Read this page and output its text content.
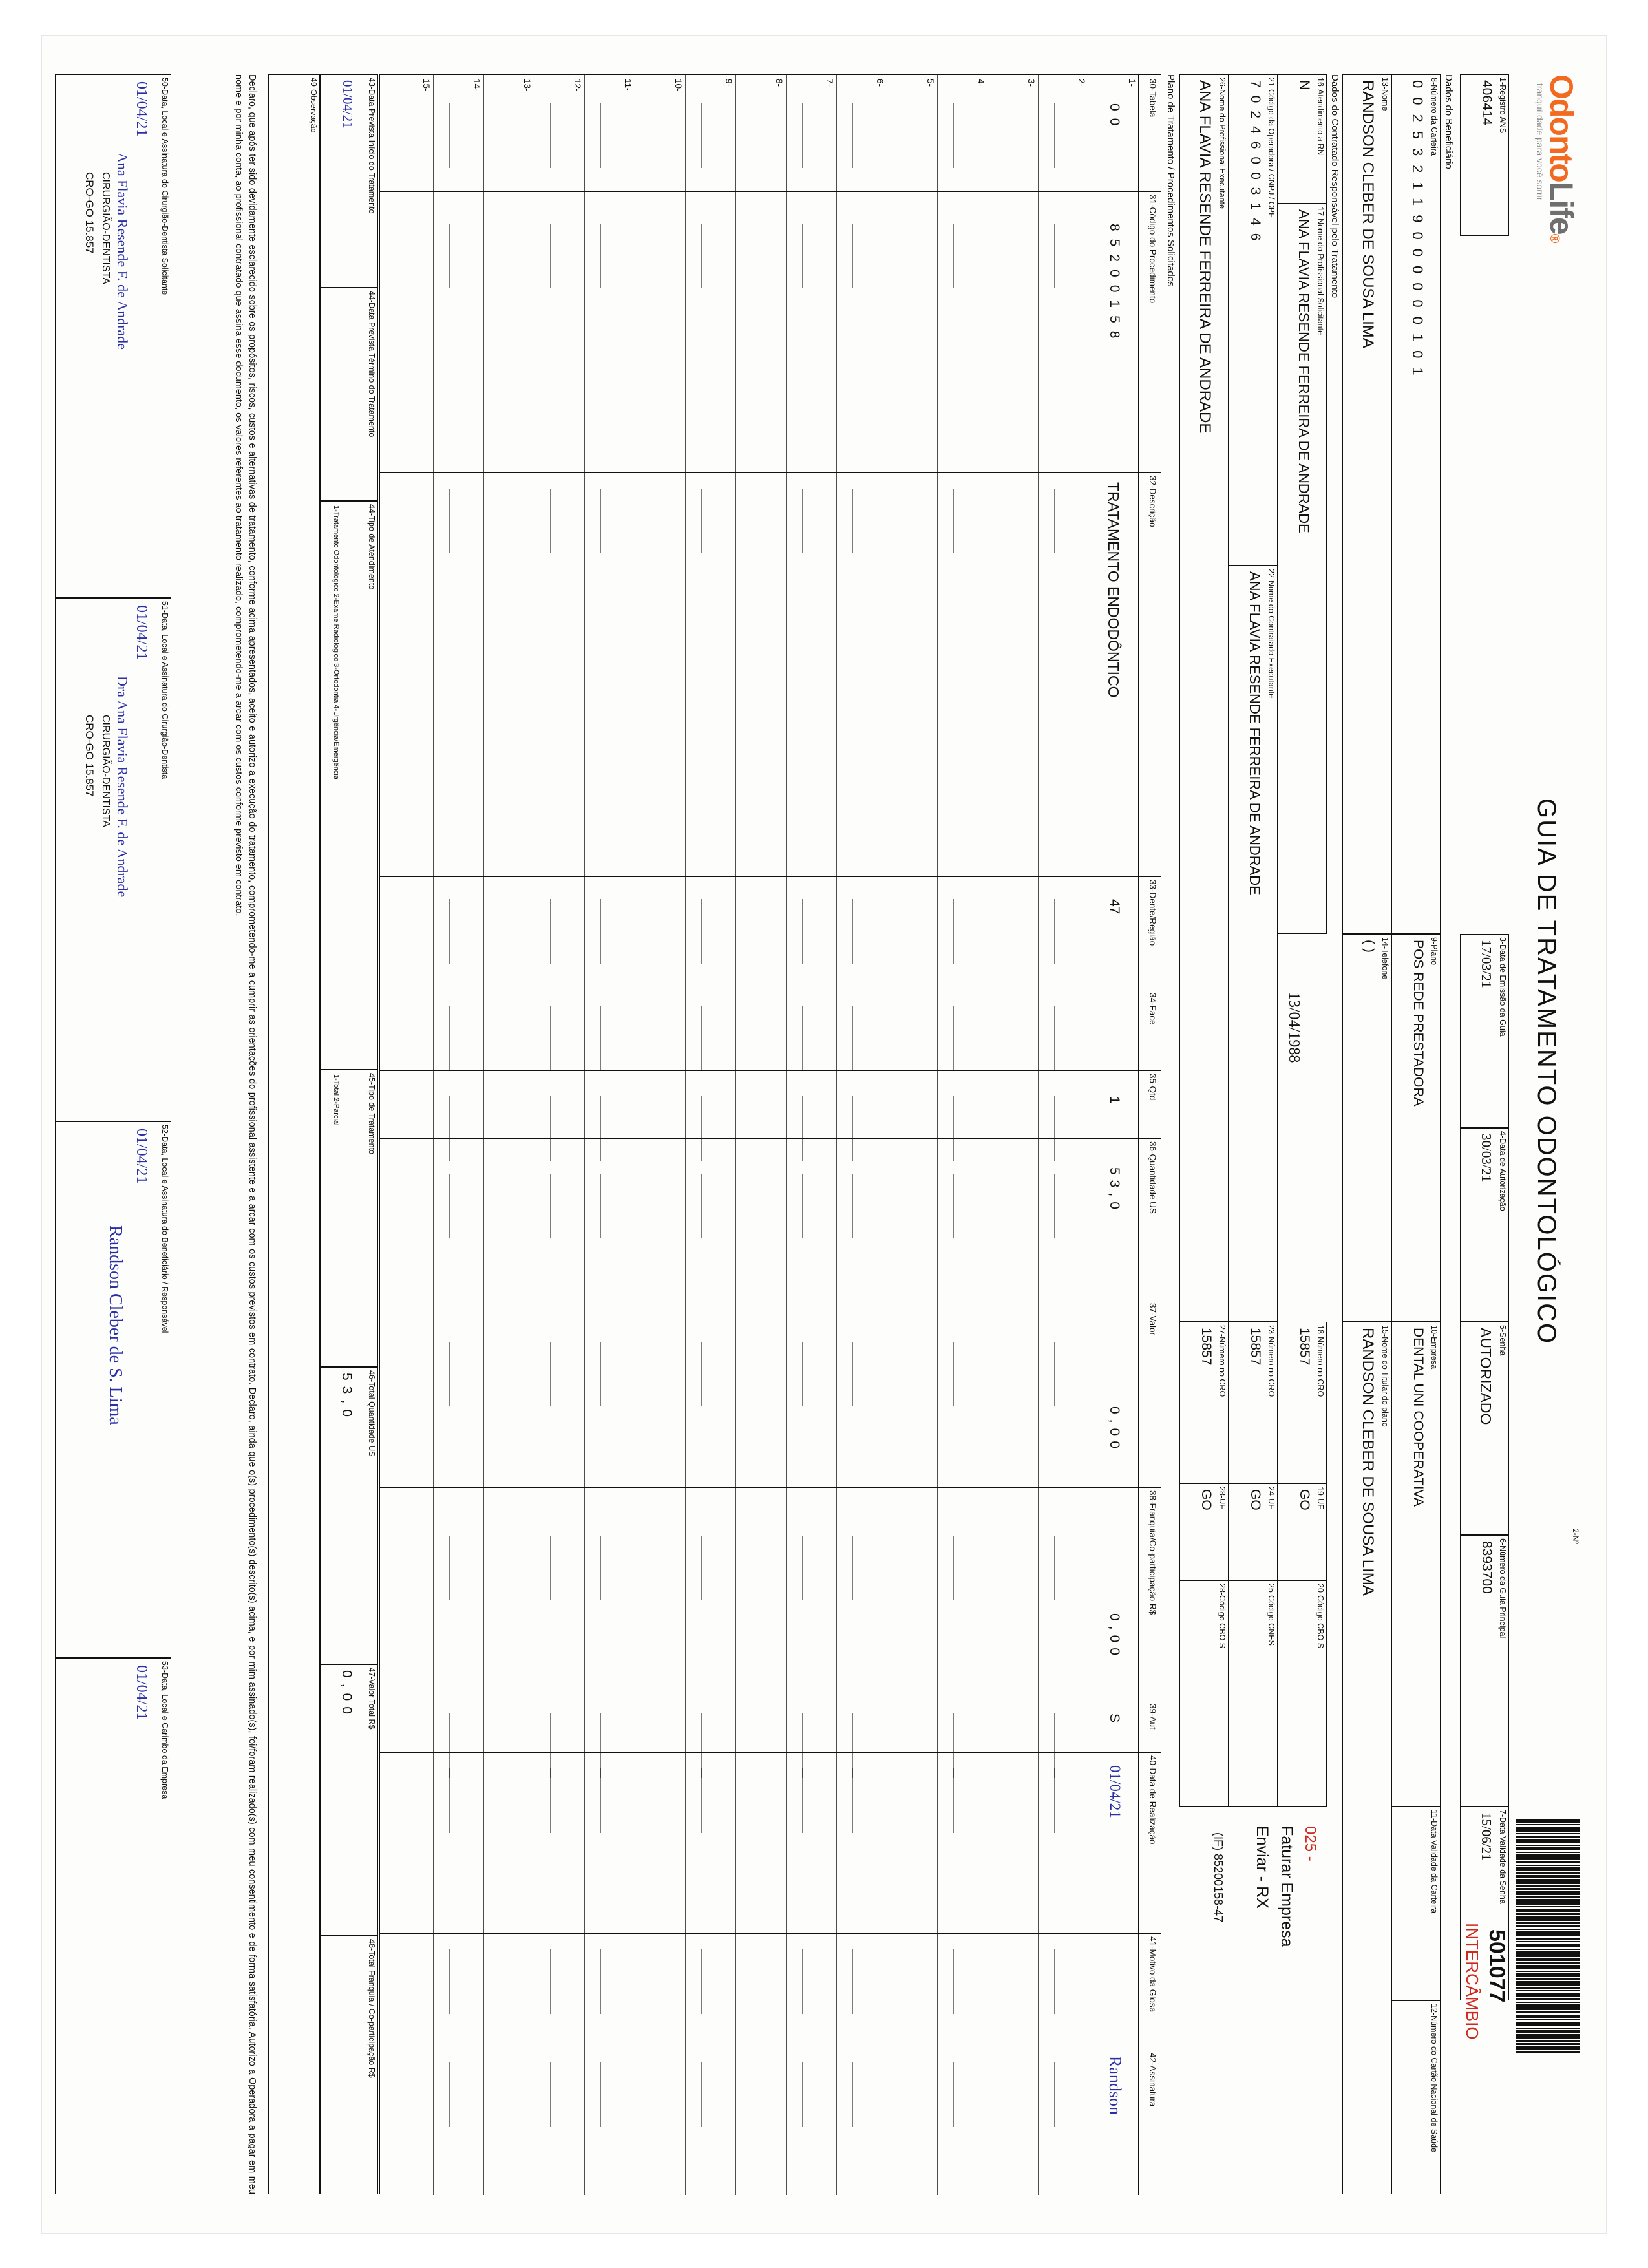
OdontoLife®
tranquilidade para você sorrir
GUIA DE TRATAMENTO ODONTOLÓGICO
2-Nº
501077
INTERCÂMBIO
1-Registro ANS
406414
3-Data de Emissão da Guia
17/03/21
4-Data de Autorização
30/03/21
5-Senha
AUTORIZADO
6-Número da Guia Principal
8393700
7-Data Validade da Senha
15/06/21
Dados do Beneficiário
8-Número da Carteira
002532119000000101
9-Plano
POS REDE PRESTADORA
10-Empresa
DENTAL UNI COOPERATIVA
11-Data Validade da Carteira
12-Número do Cartão Nacional de Saúde
13-Nome
RANDSON CLEBER DE SOUSA LIMA
14-Telefone
( )
15-Nome do Titular do plano
RANDSON CLEBER DE SOUSA LIMA
Dados do Contratado Responsável pelo Tratamento
16-Atendimento a RN
N
17-Nome do Profissional Solicitante
ANA FLAVIA RESENDE FERREIRA DE ANDRADE
18-Número no CRO
15857
19-UF
GO
20-Código CBO S
13/04/1988
21-Código da Operadora / CNPJ / CPF
70246003146
22-Nome do Contratado Executante
ANA FLAVIA RESENDE FERREIRA DE ANDRADE
23-Número no CRO
15857
24-UF
GO
25-Código CNES
26-Nome do Profissional Executante
ANA FLAVIA RESENDE FERREIRA DE ANDRADE
27-Número no CRO
15857
28-UF
GO
28-Código CBO S
025 -
Faturar Empresa
Enviar - RX
(IF) 85200158-47
Plano de Tratamento / Procedimentos Solicitados
30-Tabela
31-Código do Procedimento
32-Descrição
33-Dente/Região
34-Face
35-Qtd
36-Quantidade US
37-Valor
38-Franquia/Co-participação R$
39-Aut
40-Data de Realização
41-Motivo da Glosa
42-Assinatura
1-
00
85200158
TRATAMENTO ENDODÔNTICO
47
1
53,0
0,00
0,00
S
01/04/21
Randson
2-
3-
4-
5-
6-
7-
8-
9-
10-
11-
12-
13-
14-
15-
43-Data Prevista Início do Tratamento
01/04/21
44-Data Prevista Término do Tratamento
44-Tipo de Atendimento
1-Tratamento Odontológico 2-Exame Radiológico 3-Ortodontia 4-Urgência/Emergência
45-Tipo de Tratamento
1-Total 2-Parcial
46-Total Quantidade US
53,0
47-Valor Total R$
0,00
48-Total Franquia / Co-participação R$
49-Observação
Declaro, que após ter sido devidamente esclarecido sobre os propósitos, riscos, custos e alternativas de tratamento, conforme acima apresentados, aceito e autorizo a execução do tratamento, comprometendo-me a cumprir as orientações do profissional assistente e a arcar com os custos previstos em contrato. Declaro, ainda que o(s) procedimento(s) descrito(s) acima, e por mim assinado(s), foi/foram realizado(s) com meu consentimento e de forma satisfatória. Autorizo a Operadora a pagar em meu nome e por minha conta, ao profissional contratado que assina esse documento, os valores referentes ao tratamento realizado, comprometendo-me a arcar com os custos conforme previsto em contrato.
50-Data, Local e Assinatura do Cirurgião-Dentista Solicitante
01/04/21
Ana Flavia Resende F. de Andrade
CIRURGIÃO-DENTISTA
CRO-GO 15.857
51-Data, Local e Assinatura do Cirurgião-Dentista
01/04/21
Dra Ana Flavia Resende F. de Andrade
CIRURGIÃO-DENTISTA
CRO-GO 15.857
52-Data, Local e Assinatura do Beneficiário / Responsável
01/04/21
Randson Cleber de S. Lima
53-Data, Local e Carimbo da Empresa
01/04/21
